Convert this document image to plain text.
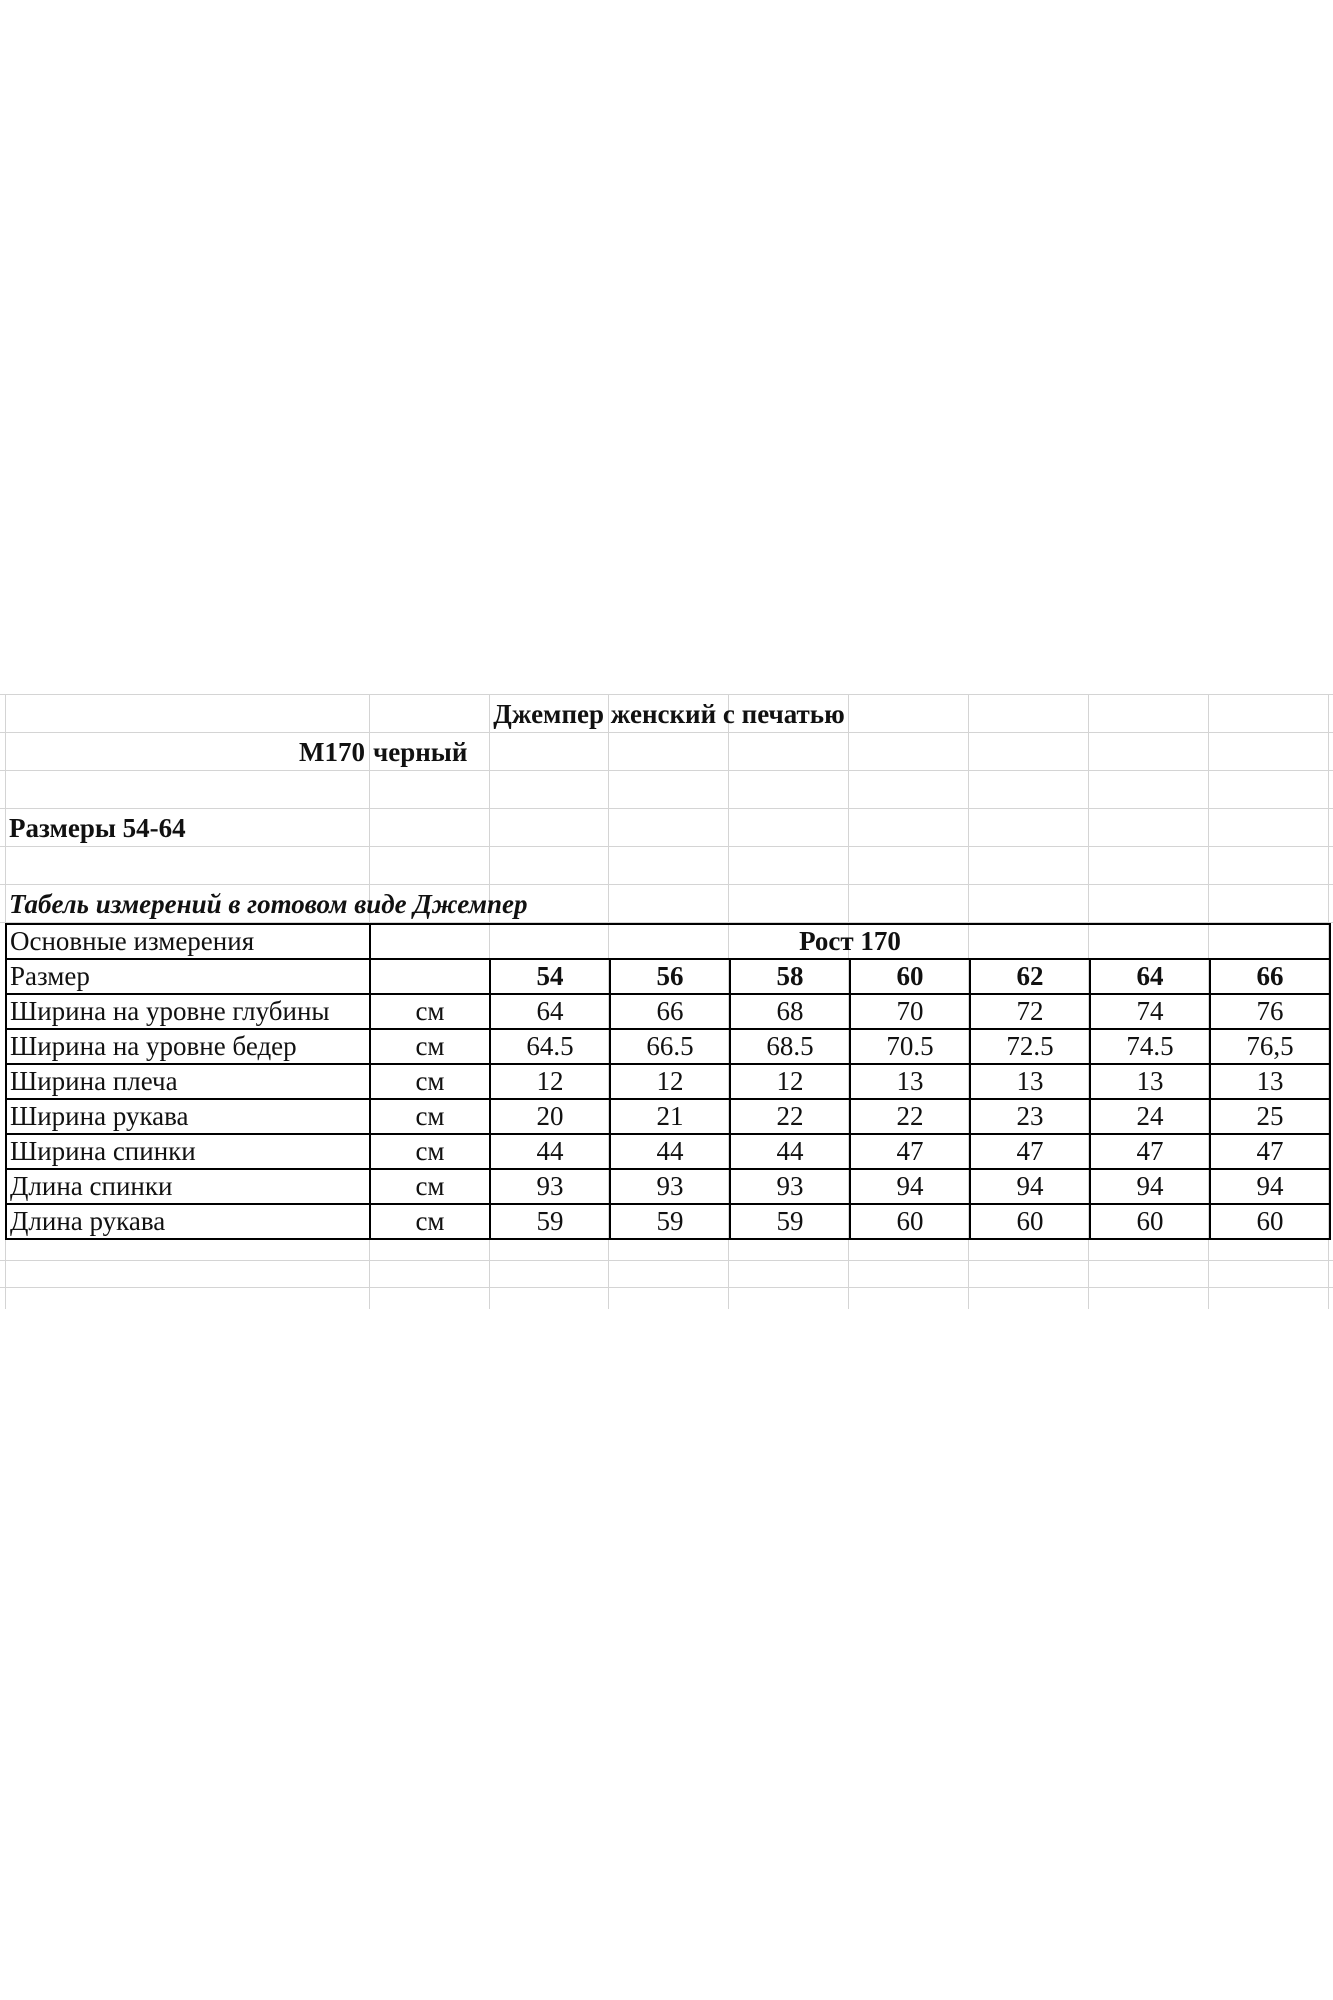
Джемпер женский с печатью
М170 черный
Размеры 54-64
Табель измерений в готовом виде Джемпер
Основные измерения	Рост 170							
Размер		54	56	58	60	62	64	66
Ширина на уровне глубины	см	64	66	68	70	72	74	76
Ширина на уровне бедер	см	64.5	66.5	68.5	70.5	72.5	74.5	76,5
Ширина плеча	см	12	12	12	13	13	13	13
Ширина рукава	см	20	21	22	22	23	24	25
Ширина спинки	см	44	44	44	47	47	47	47
Длина спинки	см	93	93	93	94	94	94	94
Длина рукава	см	59	59	59	60	60	60	60
